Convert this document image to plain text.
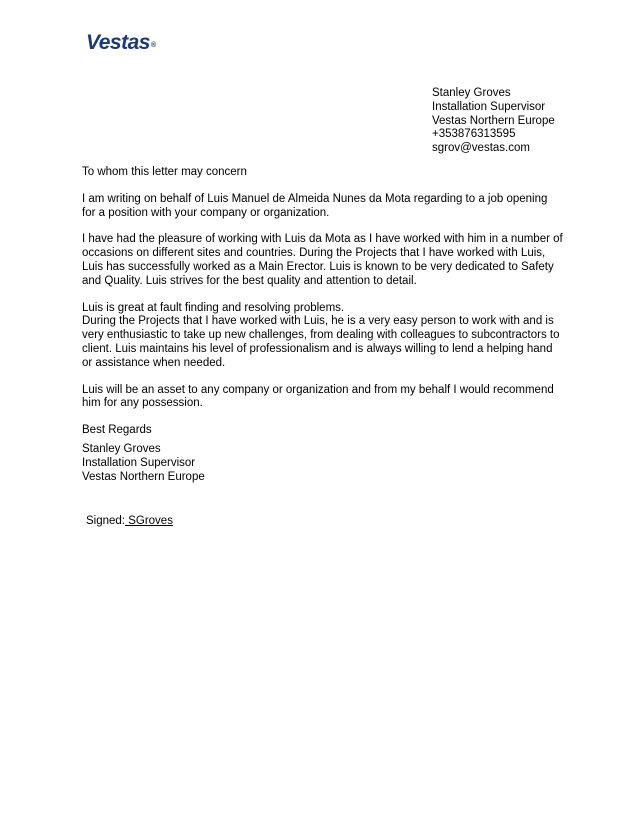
Vestas®
Stanley Groves
Installation Supervisor
Vestas Northern Europe
+353876313595
sgrov@vestas.com

To whom this letter may concern

I am writing on behalf of Luis Manuel de Almeida Nunes da Mota regarding to a job opening
for a position with your company or organization.

I have had the pleasure of working with Luis da Mota as I have worked with him in a number of
occasions on different sites and countries. During the Projects that I have worked with Luis,
Luis has successfully worked as a Main Erector. Luis is known to be very dedicated to Safety
and Quality. Luis strives for the best quality and attention to detail.

Luis is great at fault finding and resolving problems.
During the Projects that I have worked with Luis, he is a very easy person to work with and is
very enthusiastic to take up new challenges, from dealing with colleagues to subcontractors to
client. Luis maintains his level of professionalism and is always willing to lend a helping hand
or assistance when needed.

Luis will be an asset to any company or organization and from my behalf I would recommend
him for any possession.

Best Regards

Stanley Groves
Installation Supervisor
Vestas Northern Europe
Signed: SGroves
